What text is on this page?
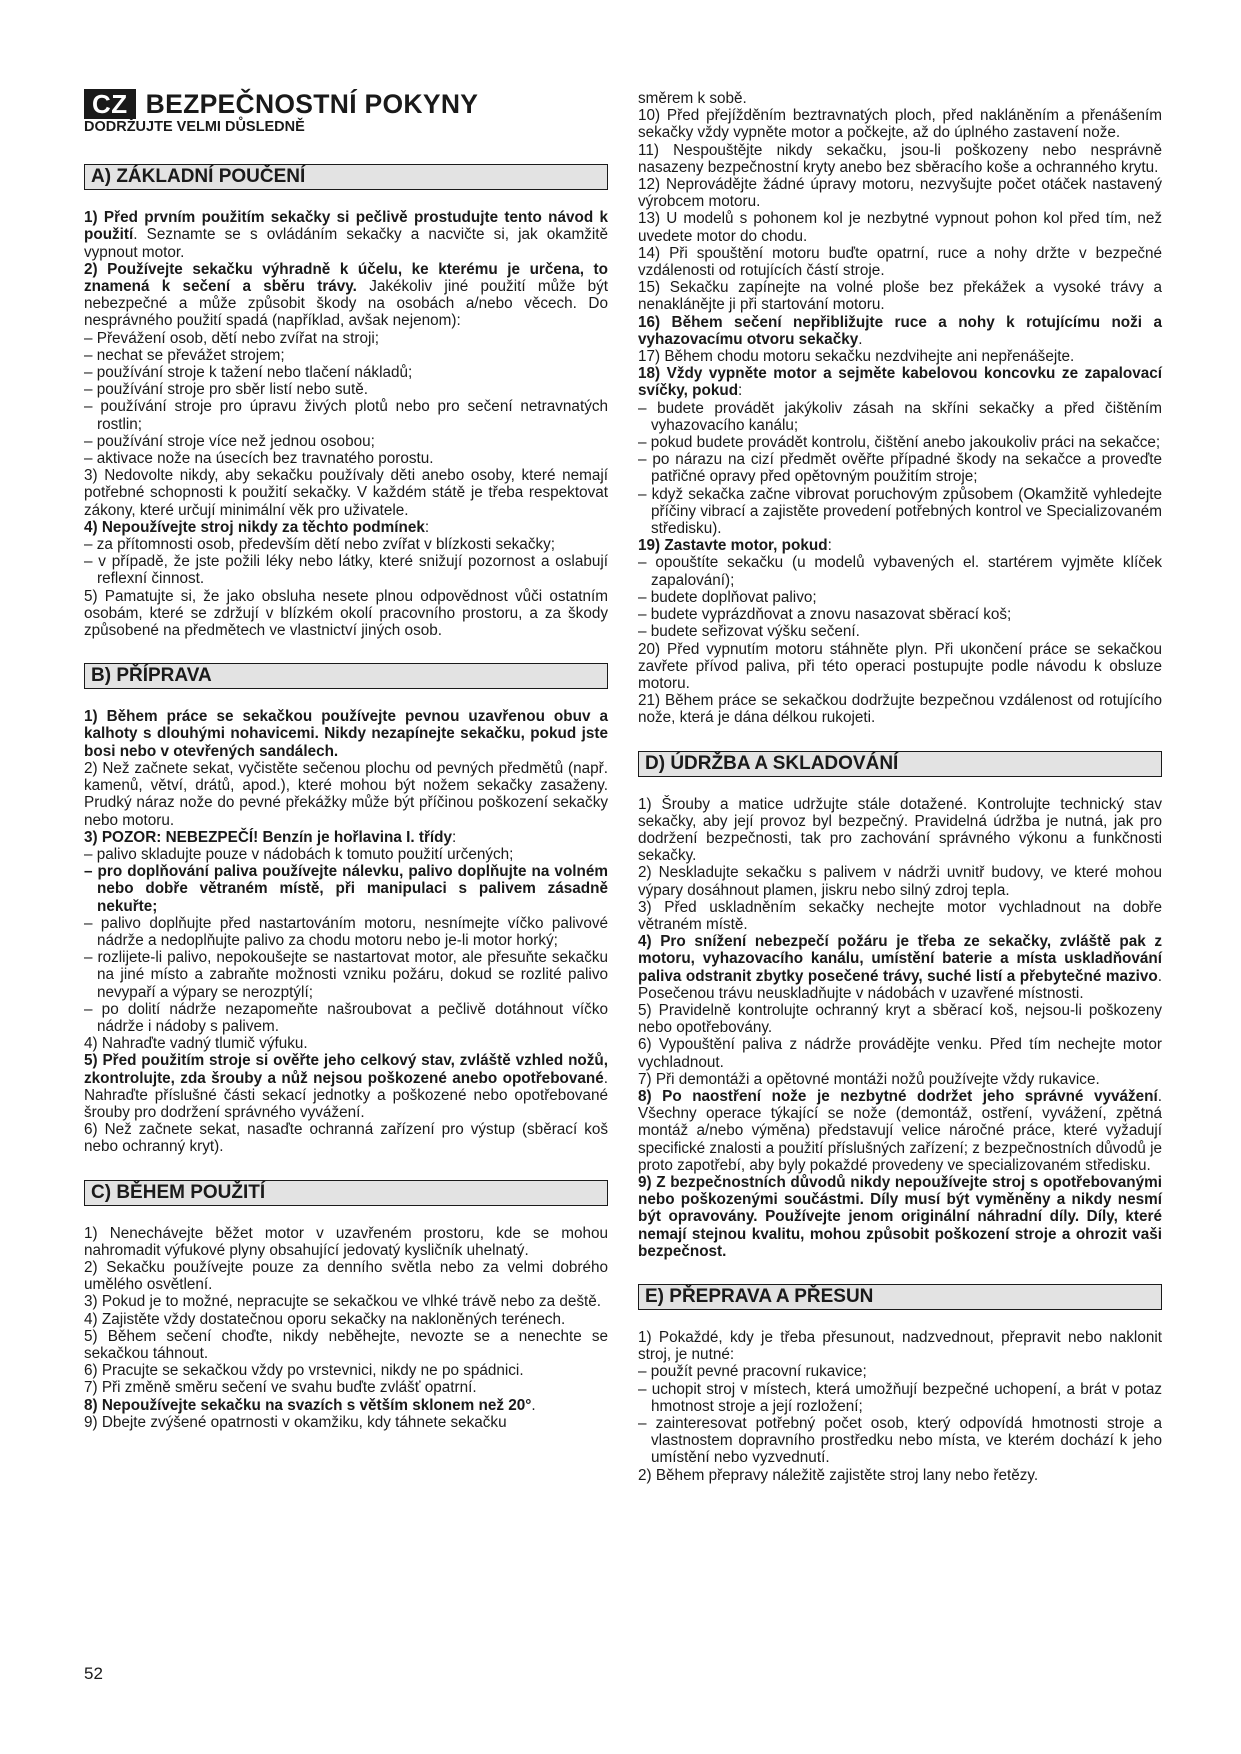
CZ BEZPEČNOSTNÍ POKYNY
DODRŽUJTE VELMI DŮSLEDNĚ
A) ZÁKLADNÍ POUČENÍ

1) Před prvním použitím sekačky si pečlivě prostudujte tento návod k použití. Seznamte se s ovládáním sekačky a nacvičte si, jak okamžitě vypnout motor.

2) Používejte sekačku výhradně k účelu, ke kterému je určena, to znamená k sečení a sběru trávy. Jakékoliv jiné použití může být nebezpečné a může způsobit škody na osobách a/nebo věcech. Do nesprávného použití spadá (například, avšak nejenom):

– Převážení osob, dětí nebo zvířat na stroji;

– nechat se převážet strojem;

– používání stroje k tažení nebo tlačení nákladů;

– používání stroje pro sběr listí nebo sutě.

– používání stroje pro úpravu živých plotů nebo pro sečení netravnatých rostlin;

– používání stroje více než jednou osobou;

– aktivace nože na úsecích bez travnatého porostu.

3) Nedovolte nikdy, aby sekačku používaly děti anebo osoby, které nemají potřebné schopnosti k použití sekačky. V každém státě je třeba respektovat zákony, které určují minimální věk pro uživatele.

4) Nepoužívejte stroj nikdy za těchto podmínek:

– za přítomnosti osob, především dětí nebo zvířat v blízkosti sekačky;

– v případě, že jste požili léky nebo látky, které snižují pozornost a oslabují reflexní činnost.

5) Pamatujte si, že jako obsluha nesete plnou odpovědnost vůči ostatním osobám, které se zdržují v blízkém okolí pracovního prostoru, a za škody způsobené na předmětech ve vlastnictví jiných osob.

B) PŘÍPRAVA

1) Během práce se sekačkou používejte pevnou uzavřenou obuv a kalhoty s dlouhými nohavicemi. Nikdy nezapínejte sekačku, pokud jste bosi nebo v otevřených sandálech.

2) Než začnete sekat, vyčistěte sečenou plochu od pevných předmětů (např. kamenů, větví, drátů, apod.), které mohou být nožem sekačky zasaženy. Prudký náraz nože do pevné překážky může být příčinou poškození sekačky nebo motoru.

3) POZOR: NEBEZPEČÍ! Benzín je hořlavina I. třídy:

– palivo skladujte pouze v nádobách k tomuto použití určených;

– pro doplňování paliva používejte nálevku, palivo doplňujte na volném nebo dobře větraném místě, při manipulaci s palivem zásadně nekuřte;

– palivo doplňujte před nastartováním motoru, nesnímejte víčko palivové nádrže a nedoplňujte palivo za chodu motoru nebo je-li motor horký;

– rozlijete-li palivo, nepokoušejte se nastartovat motor, ale přesuňte sekačku na jiné místo a zabraňte možnosti vzniku požáru, dokud se rozlité palivo nevypaří a výpary se nerozptýlí;

– po dolití nádrže nezapomeňte našroubovat a pečlivě dotáhnout víčko nádrže i nádoby s palivem.

4) Nahraďte vadný tlumič výfuku.

5) Před použitím stroje si ověřte jeho celkový stav, zvláště vzhled nožů, zkontrolujte, zda šrouby a nůž nejsou poškozené anebo opotřebované. Nahraďte příslušné části sekací jednotky a poškozené nebo opotřebované šrouby pro dodržení správného vyvážení.

6) Než začnete sekat, nasaďte ochranná zařízení pro výstup (sběrací koš nebo ochranný kryt).

C) BĚHEM POUŽITÍ

1) Nenechávejte běžet motor v uzavřeném prostoru, kde se mohou nahromadit výfukové plyny obsahující jedovatý kysličník uhelnatý.

2) Sekačku používejte pouze za denního světla nebo za velmi dobrého umělého osvětlení.

3) Pokud je to možné, nepracujte se sekačkou ve vlhké trávě nebo za deště.

4) Zajistěte vždy dostatečnou oporu sekačky na nakloněných terénech.

5) Během sečení choďte, nikdy neběhejte, nevozte se a nenechte se sekačkou táhnout.

6) Pracujte se sekačkou vždy po vrstevnici, nikdy ne po spádnici.

7) Při změně směru sečení ve svahu buďte zvlášť opatrní.

8) Nepoužívejte sekačku na svazích s větším sklonem než 20°.

9) Dbejte zvýšené opatrnosti v okamžiku, kdy táhnete sekačku

směrem k sobě.

10) Před přejížděním beztravnatých ploch, před nakláněním a přenášením sekačky vždy vypněte motor a počkejte, až do úplného zastavení nože.

11) Nespouštějte nikdy sekačku, jsou-li poškozeny nebo nesprávně nasazeny bezpečnostní kryty anebo bez sběracího koše a ochranného krytu.

12) Neprovádějte žádné úpravy motoru, nezvyšujte počet otáček nastavený výrobcem motoru.

13) U modelů s pohonem kol je nezbytné vypnout pohon kol před tím, než uvedete motor do chodu.

14) Při spouštění motoru buďte opatrní, ruce a nohy držte v bezpečné vzdálenosti od rotujících částí stroje.

15) Sekačku zapínejte na volné ploše bez překážek a vysoké trávy a nenaklánějte ji při startování motoru.

16) Během sečení nepřibližujte ruce a nohy k rotujícímu noži a vyhazovacímu otvoru sekačky.

17) Během chodu motoru sekačku nezdvihejte ani nepřenášejte.

18) Vždy vypněte motor a sejměte kabelovou koncovku ze zapalovací svíčky, pokud:

– budete provádět jakýkoliv zásah na skříni sekačky a před čištěním vyhazovacího kanálu;

– pokud budete provádět kontrolu, čištění anebo jakoukoliv práci na sekačce;

– po nárazu na cizí předmět ověřte případné škody na sekačce a proveďte patřičné opravy před opětovným použitím stroje;

– když sekačka začne vibrovat poruchovým způsobem (Okamžitě vyhledejte příčiny vibrací a zajistěte provedení potřebných kontrol ve Specializovaném středisku).

19) Zastavte motor, pokud:

– opouštíte sekačku (u modelů vybavených el. startérem vyjměte klíček zapalování);

– budete doplňovat palivo;

– budete vyprázdňovat a znovu nasazovat sběrací koš;

– budete seřizovat výšku sečení.

20) Před vypnutím motoru stáhněte plyn. Při ukončení práce se sekačkou zavřete přívod paliva, při této operaci postupujte podle návodu k obsluze motoru.

21) Během práce se sekačkou dodržujte bezpečnou vzdálenost od rotujícího nože, která je dána délkou rukojeti.

D) ÚDRŽBA A SKLADOVÁNÍ

1) Šrouby a matice udržujte stále dotažené. Kontrolujte technický stav sekačky, aby její provoz byl bezpečný. Pravidelná údržba je nutná, jak pro dodržení bezpečnosti, tak pro zachování správného výkonu a funkčnosti sekačky.

2) Neskladujte sekačku s palivem v nádrži uvnitř budovy, ve které mohou výpary dosáhnout plamen, jiskru nebo silný zdroj tepla.

3) Před uskladněním sekačky nechejte motor vychladnout na dobře větraném místě.

4) Pro snížení nebezpečí požáru je třeba ze sekačky, zvláště pak z motoru, vyhazovacího kanálu, umístění baterie a místa uskladňování paliva odstranit zbytky posečené trávy, suché listí a přebytečné mazivo. Posečenou trávu neuskladňujte v nádobách v uzavřené místnosti.

5) Pravidelně kontrolujte ochranný kryt a sběrací koš, nejsou-li poškozeny nebo opotřebovány.

6) Vypouštění paliva z nádrže provádějte venku. Před tím nechejte motor vychladnout.

7) Při demontáži a opětovné montáži nožů používejte vždy rukavice.

8) Po naostření nože je nezbytné dodržet jeho správné vyvážení. Všechny operace týkající se nože (demontáž, ostření, vyvážení, zpětná montáž a/nebo výměna) představují velice náročné práce, které vyžadují specifické znalosti a použití příslušných zařízení; z bezpečnostních důvodů je proto zapotřebí, aby byly pokaždé provedeny ve specializovaném středisku.

9) Z bezpečnostních důvodů nikdy nepoužívejte stroj s opotřebovanými nebo poškozenými součástmi. Díly musí být vyměněny a nikdy nesmí být opravovány. Používejte jenom originální náhradní díly. Díly, které nemají stejnou kvalitu, mohou způsobit poškození stroje a ohrozit vaši bezpečnost.

E) PŘEPRAVA A PŘESUN

1) Pokaždé, kdy je třeba přesunout, nadzvednout, přepravit nebo naklonit stroj, je nutné:

– použít pevné pracovní rukavice;

– uchopit stroj v místech, která umožňují bezpečné uchopení, a brát v potaz hmotnost stroje a její rozložení;

– zainteresovat potřebný počet osob, který odpovídá hmotnosti stroje a vlastnostem dopravního prostředku nebo místa, ve kterém dochází k jeho umístění nebo vyzvednutí.

2) Během přepravy náležitě zajistěte stroj lany nebo řetězy.

52
